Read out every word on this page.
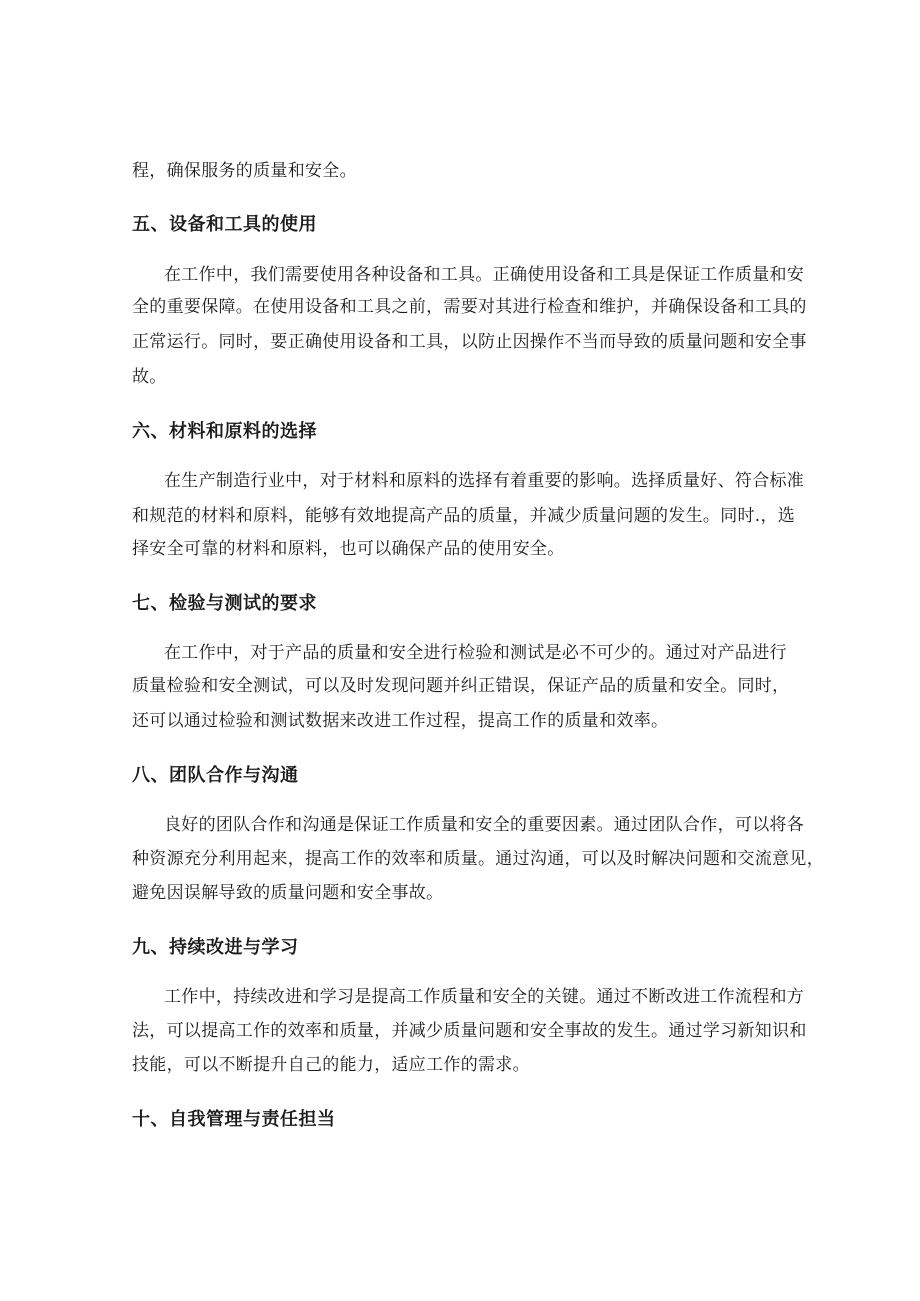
程，确保服务的质量和安全。
五、设备和工具的使用
在工作中，我们需要使用各种设备和工具。正确使用设备和工具是保证工作质量和安
全的重要保障。在使用设备和工具之前，需要对其进行检查和维护，并确保设备和工具的
正常运行。同时，要正确使用设备和工具，以防止因操作不当而导致的质量问题和安全事
故。
六、材料和原料的选择
在生产制造行业中，对于材料和原料的选择有着重要的影响。选择质量好、符合标准
和规范的材料和原料，能够有效地提高产品的质量，并减少质量问题的发生。同时.，选
择安全可靠的材料和原料，也可以确保产品的使用安全。
七、检验与测试的要求
在工作中，对于产品的质量和安全进行检验和测试是必不可少的。通过对产品进行
质量检验和安全测试，可以及时发现问题并纠正错误，保证产品的质量和安全。同时，
还可以通过检验和测试数据来改进工作过程，提高工作的质量和效率。
八、团队合作与沟通
良好的团队合作和沟通是保证工作质量和安全的重要因素。通过团队合作，可以将各
种资源充分利用起来，提高工作的效率和质量。通过沟通，可以及时解决问题和交流意见，
避免因误解导致的质量问题和安全事故。
九、持续改进与学习
工作中，持续改进和学习是提高工作质量和安全的关键。通过不断改进工作流程和方
法，可以提高工作的效率和质量，并减少质量问题和安全事故的发生。通过学习新知识和
技能，可以不断提升自己的能力，适应工作的需求。
十、自我管理与责任担当
